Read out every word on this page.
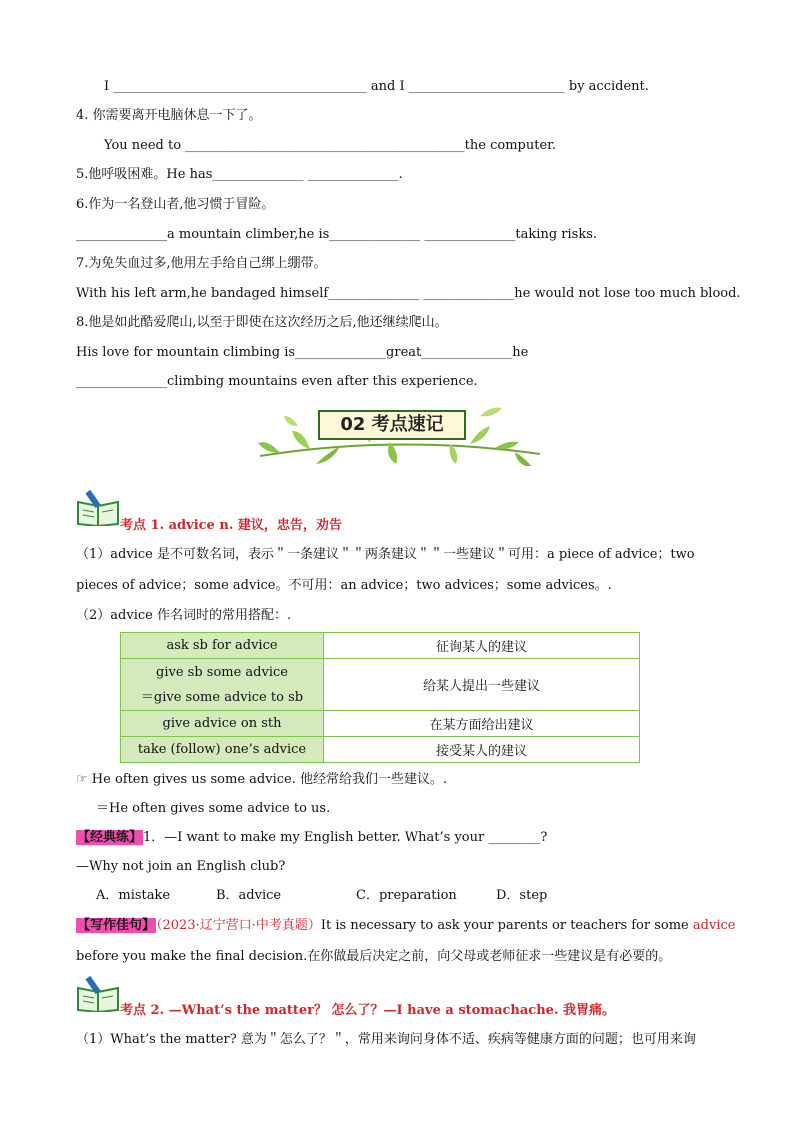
I _______________________________________ and I ________________________ by accident.
4. 你需要离开电脑休息一下了。
You need to ___________________________________________the computer.
5.他呼吸困难。He has______________ ______________.
6.作为一名登山者,他习惯于冒险。
______________a mountain climber,he is______________ ______________taking risks.
7.为免失血过多,他用左手给自己绑上绷带。
With his left arm,he bandaged himself______________ ______________he would not lose too much blood.
8.他是如此酷爱爬山,以至于即使在这次经历之后,他还继续爬山。
His love for mountain climbing is______________great______________he
______________climbing mountains even after this experience.
02 考点速记
考点 1. advice n. 建议，忠告，劝告
（1）advice 是不可数名词，表示＂一条建议＂＂两条建议＂＂一些建议＂可用：a piece of advice；two
pieces of advice；some advice。不可用：an advice；two advices；some advices。.
（2）advice 作名词时的常用搭配：.
ask sb for advice	征询某人的建议

give sb some advice
＝give some advice to sb	给某人提出一些建议
give advice on sth	在某方面给出建议
take (follow) one’s advice	接受某人的建议
☞ He often gives us some advice. 他经常给我们一些建议。.
＝He often gives some advice to us.
【经典练】1．—I want to make my English better. What’s your ________?
—Why not join an English club?
A．mistake	B．advice	C．preparation	D．step
【写作佳句】（2023·辽宁营口·中考真题）It is necessary to ask your parents or teachers for some advice
before you make the final decision.在你做最后决定之前，向父母或老师征求一些建议是有必要的。
考点 2. —What’s the matter？ 怎么了？—I have a stomachache. 我胃痛。
（1）What’s the matter? 意为＂怎么了？＂，常用来询问身体不适、疾病等健康方面的问题；也可用来询
